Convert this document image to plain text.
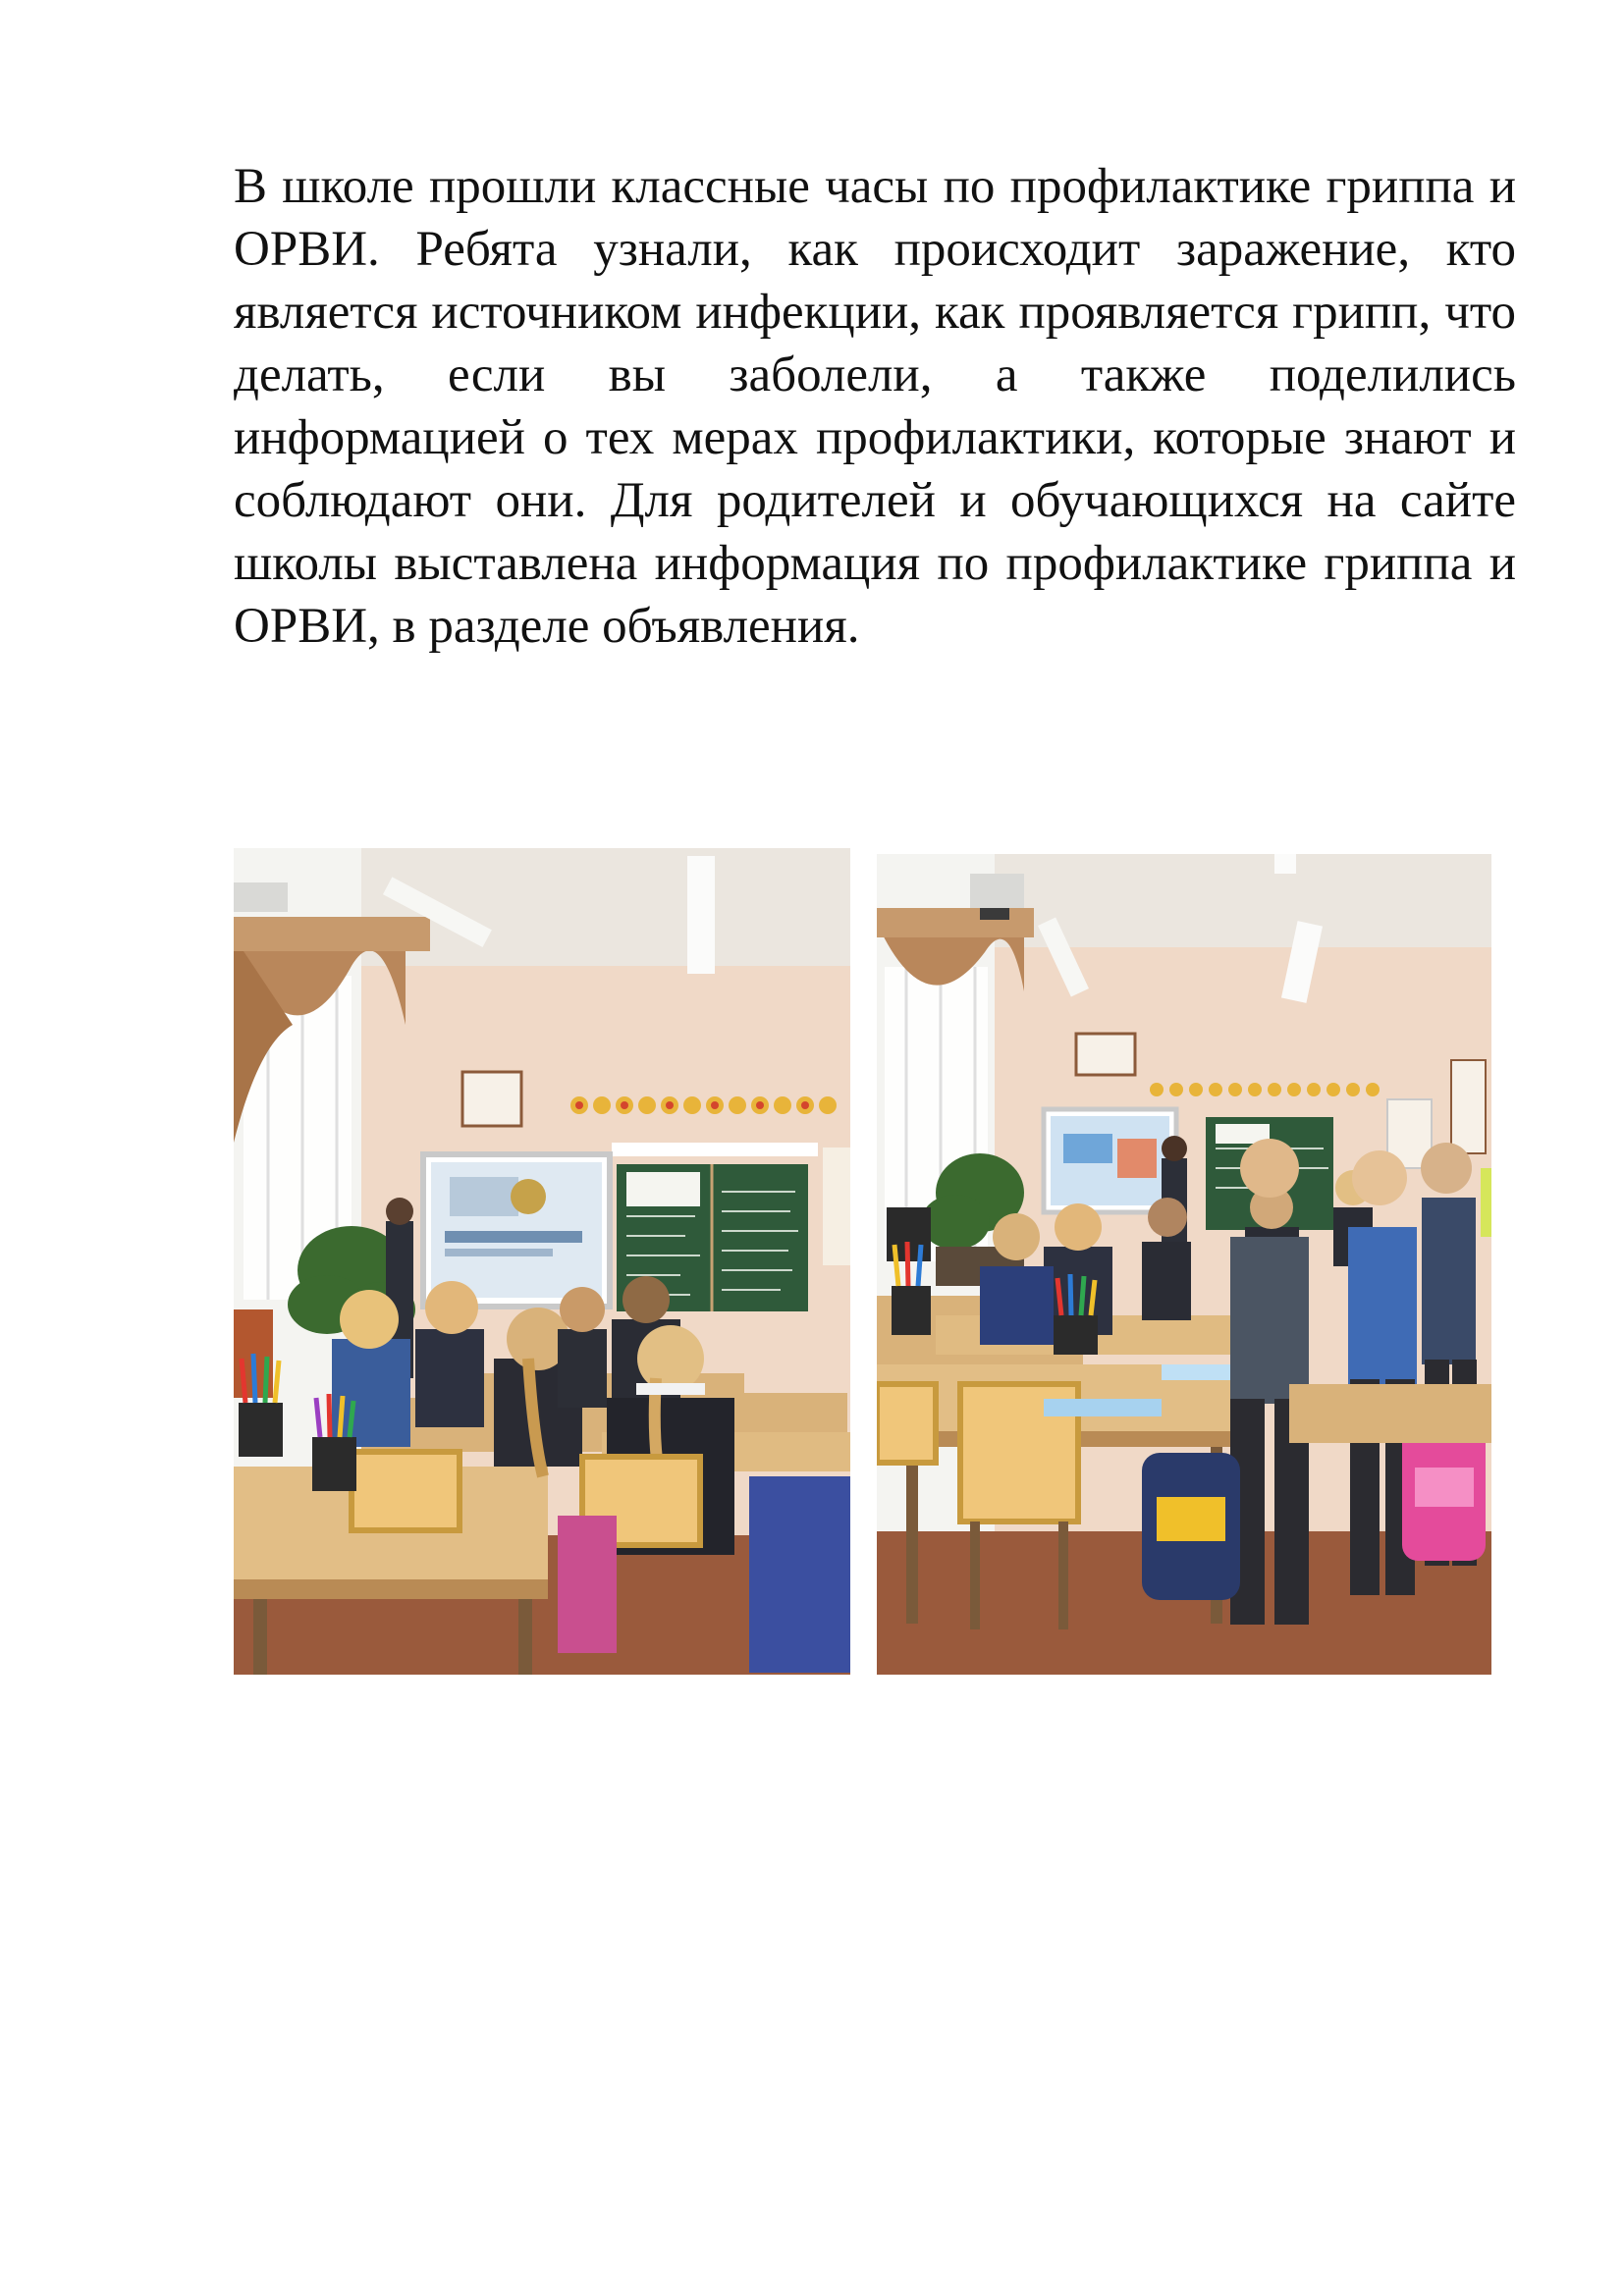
В школе прошли классные часы по профилактике гриппа и ОРВИ. Ребята узнали, как происходит заражение, кто является источником инфекции, как проявляется грипп, что делать, если вы заболели, а также поделились информацией о тех мерах профилактики, которые знают и соблюдают они. Для родителей и обучающихся на сайте школы выставлена информация по профилактике гриппа и ОРВИ, в разделе объявления.
